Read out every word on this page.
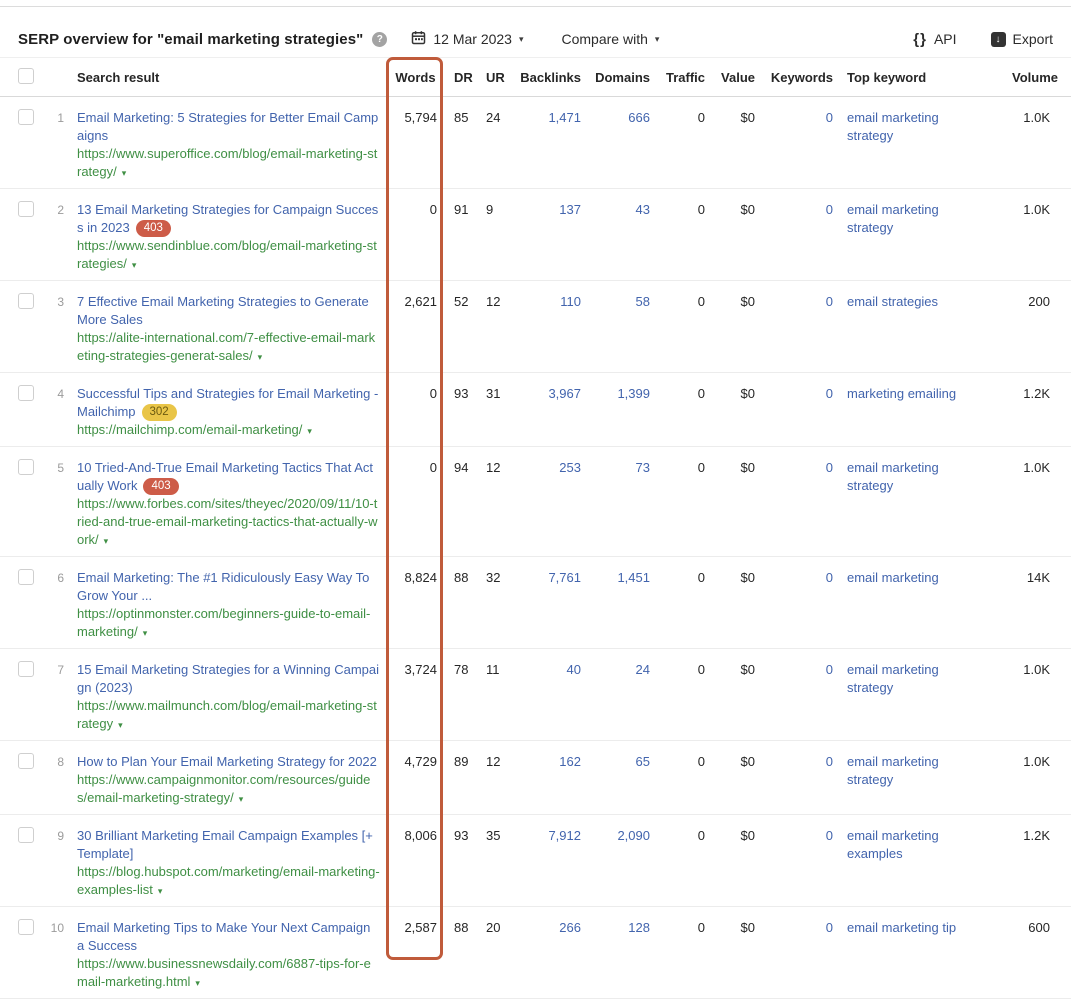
SERP overview for "email marketing strategies"	?	12 Mar 2023 ▾	Compare with ▾	{} API	↓ Export
		Search result	Words	DR	UR	Backlinks	Domains	Traffic	Value	Keywords	Top keyword	Volume
	1	Email Marketing: 5 Strategies for Better Email Campaigns
https://www.superoffice.com/blog/email-marketing-strategy/ ▾	5,794	85	24	1,471	666	0	$0	0	email marketing strategy	1.0K
	2	13 Email Marketing Strategies for Campaign Success in 2023 403
https://www.sendinblue.com/blog/email-marketing-strategies/ ▾	0	91	9	137	43	0	$0	0	email marketing strategy	1.0K
	3	7 Effective Email Marketing Strategies to Generate More Sales
https://alite-international.com/7-effective-email-marketing-strategies-generat-sales/ ▾	2,621	52	12	110	58	0	$0	0	email strategies	200
	4	Successful Tips and Strategies for Email Marketing - Mailchimp 302
https://mailchimp.com/email-marketing/ ▾	0	93	31	3,967	1,399	0	$0	0	marketing emailing	1.2K
	5	10 Tried-And-True Email Marketing Tactics That Actually Work 403
https://www.forbes.com/sites/theyec/2020/09/11/10-tried-and-true-email-marketing-tactics-that-actually-work/ ▾	0	94	12	253	73	0	$0	0	email marketing strategy	1.0K
	6	Email Marketing: The #1 Ridiculously Easy Way To Grow Your ...
https://optinmonster.com/beginners-guide-to-email-marketing/ ▾	8,824	88	32	7,761	1,451	0	$0	0	email marketing	14K
	7	15 Email Marketing Strategies for a Winning Campaign (2023)
https://www.mailmunch.com/blog/email-marketing-strategy ▾	3,724	78	11	40	24	0	$0	0	email marketing strategy	1.0K
	8	How to Plan Your Email Marketing Strategy for 2022
https://www.campaignmonitor.com/resources/guides/email-marketing-strategy/ ▾	4,729	89	12	162	65	0	$0	0	email marketing strategy	1.0K
	9	30 Brilliant Marketing Email Campaign Examples [+ Template]
https://blog.hubspot.com/marketing/email-marketing-examples-list ▾	8,006	93	35	7,912	2,090	0	$0	0	email marketing examples	1.2K
	10	Email Marketing Tips to Make Your Next Campaign a Success
https://www.businessnewsdaily.com/6887-tips-for-email-marketing.html ▾	2,587	88	20	266	128	0	$0	0	email marketing tip	600
